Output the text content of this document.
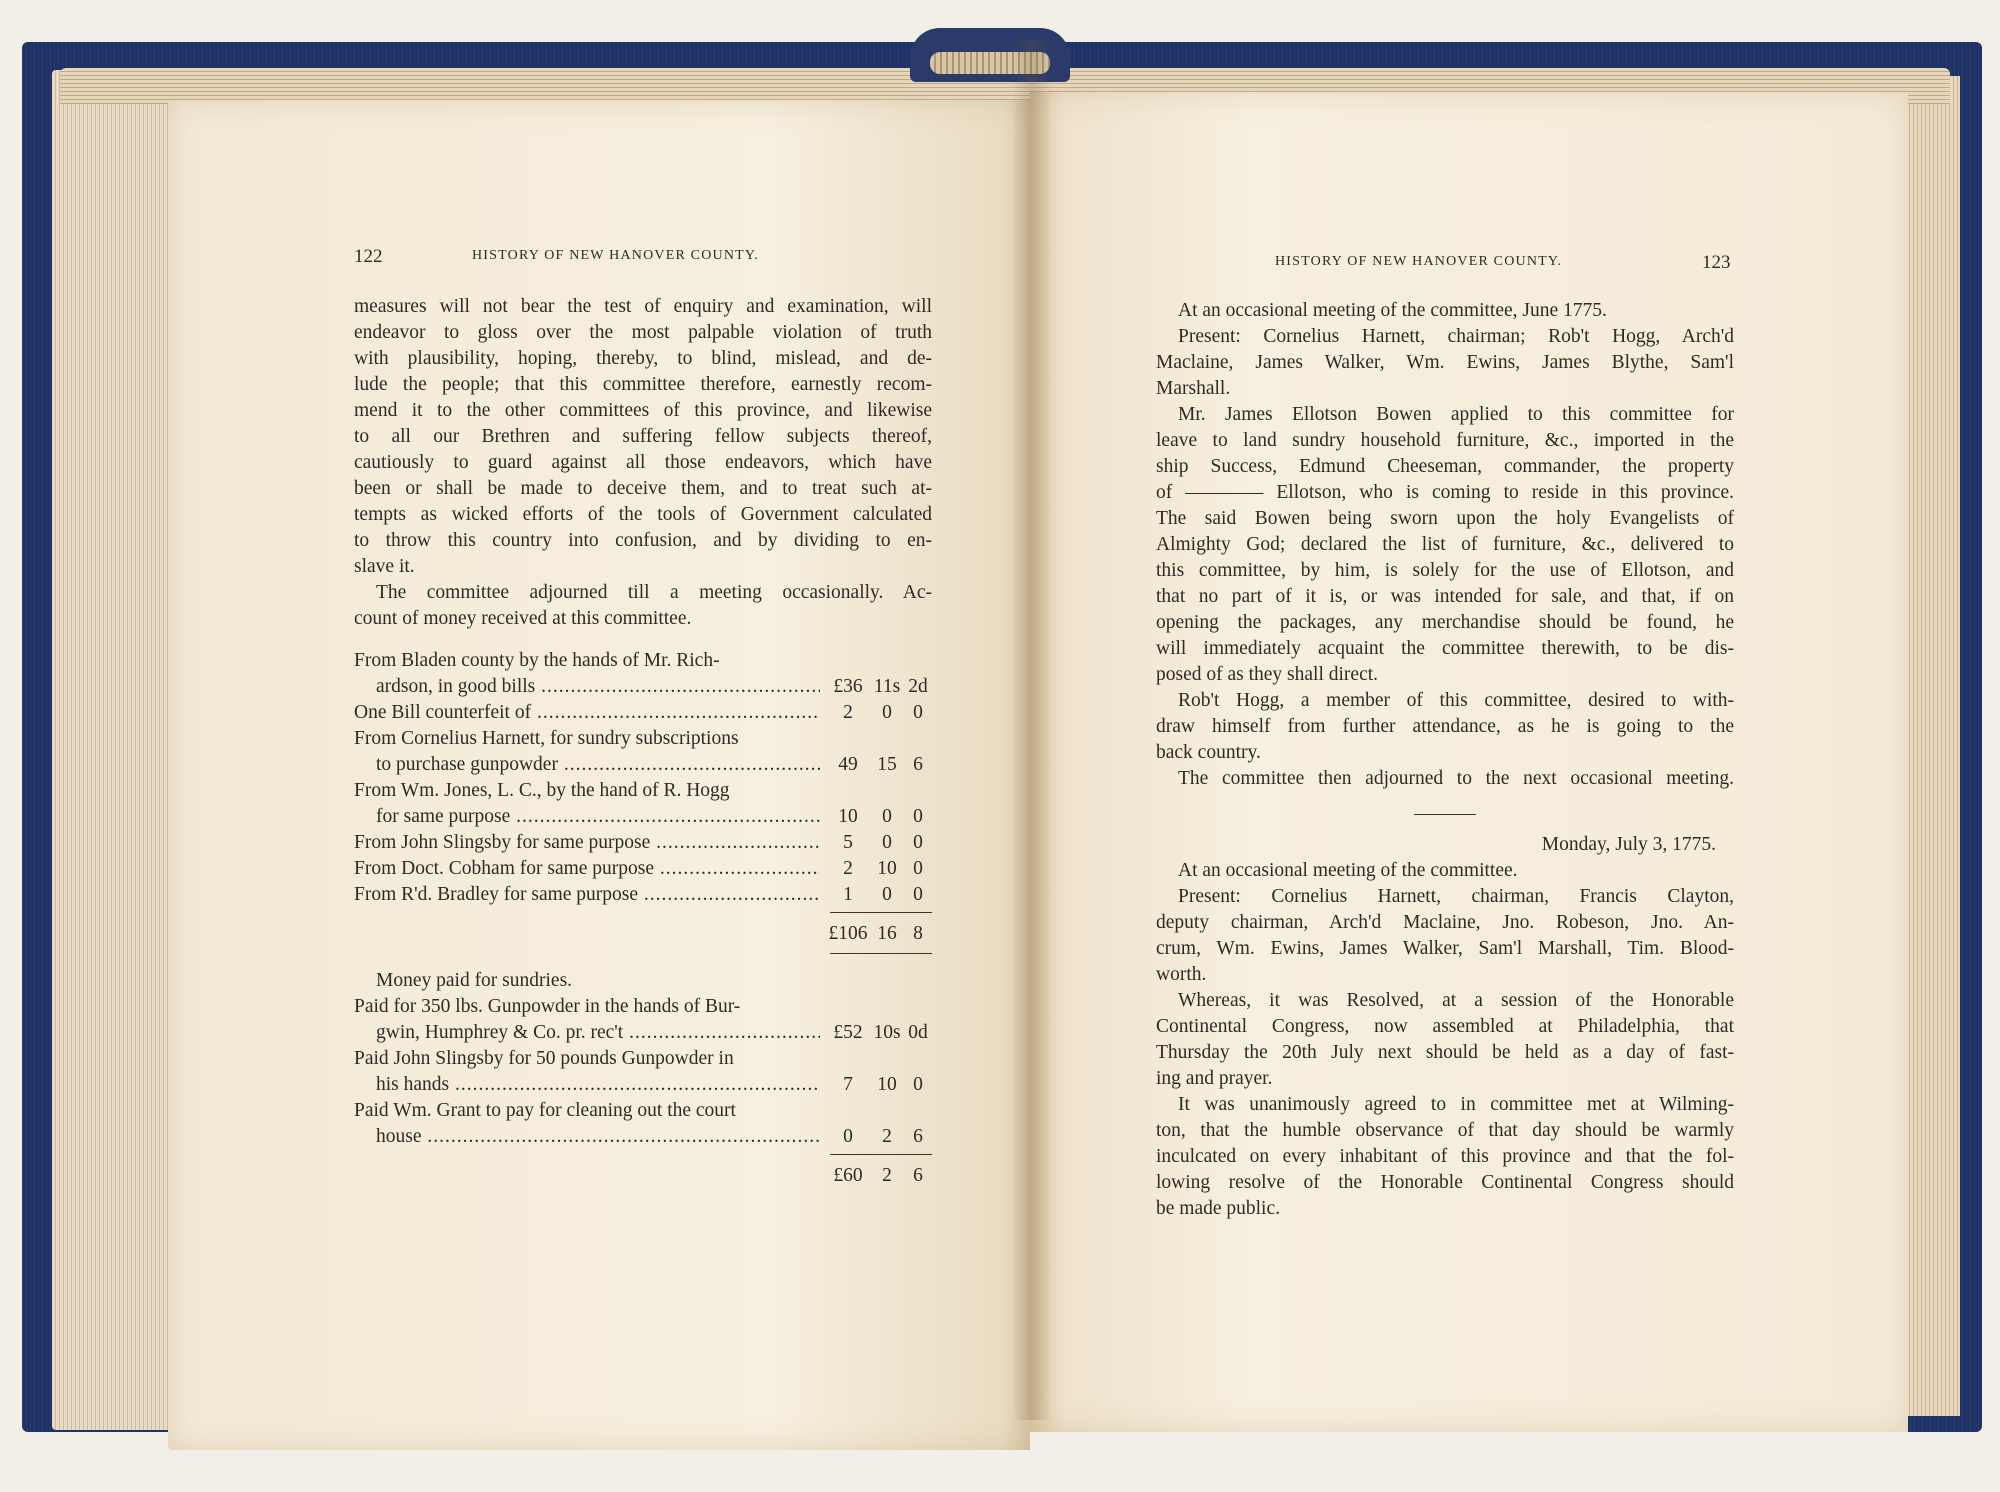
122	HISTORY OF NEW HANOVER COUNTY.
measures will not bear the test of enquiry and examination, will
endeavor to gloss over the most palpable violation of truth
with plausibility, hoping, thereby, to blind, mislead, and de-
lude the people; that this committee therefore, earnestly recom-
mend it to the other committees of this province, and likewise
to all our Brethren and suffering fellow subjects thereof,
cautiously to guard against all those endeavors, which have
been or shall be made to deceive them, and to treat such at-
tempts as wicked efforts of the tools of Government calculated
to throw this country into confusion, and by dividing to en-
slave it.
The committee adjourned till a meeting occasionally. Ac-
count of money received at this committee.
From Bladen county by the hands of Mr. Rich-
ardson, in good bills .....	£36 11s 2d
One Bill counterfeit of .....	2	0	0
From Cornelius Harnett, for sundry subscriptions
to purchase gunpowder .....	49	15 6
From Wm. Jones, L. C., by the hand of R. Hogg
for same purpose .....	10	0	0
From John Slingsby for same purpose .....	5	0	0
From Doct. Cobham for same purpose .....	2	10 0
From R'd. Bradley for same purpose .....	1	0	0
£106 16 8
Money paid for sundries.
Paid for 350 lbs. Gunpowder in the hands of Bur-
gwin, Humphrey & Co. pr. rec't .....	£52 10s 0d
Paid John Slingsby for 50 pounds Gunpowder in
his hands .....	7	10 0
Paid Wm. Grant to pay for cleaning out the court
house .....	0	2	6
£60	2	6
HISTORY OF NEW HANOVER COUNTY.	123
At an occasional meeting of the committee, June 1775.
Present: Cornelius Harnett, chairman; Rob't Hogg, Arch'd
Maclaine, James Walker, Wm. Ewins, James Blythe, Sam'l
Marshall.
Mr. James Ellotson Bowen applied to this committee for
leave to land sundry household furniture, &c., imported in the
ship Success, Edmund Cheeseman, commander, the property
of ———— Ellotson, who is coming to reside in this province.
The said Bowen being sworn upon the holy Evangelists of
Almighty God; declared the list of furniture, &c., delivered to
this committee, by him, is solely for the use of Ellotson, and
that no part of it is, or was intended for sale, and that, if on
opening the packages, any merchandise should be found, he
will immediately acquaint the committee therewith, to be dis-
posed of as they shall direct.
Rob't Hogg, a member of this committee, desired to with-
draw himself from further attendance, as he is going to the
back country.
The committee then adjourned to the next occasional meeting.
Monday, July 3, 1775.
At an occasional meeting of the committee.
Present: Cornelius Harnett, chairman, Francis Clayton,
deputy chairman, Arch'd Maclaine, Jno. Robeson, Jno. An-
crum, Wm. Ewins, James Walker, Sam'l Marshall, Tim. Blood-
worth.
Whereas, it was Resolved, at a session of the Honorable
Continental Congress, now assembled at Philadelphia, that
Thursday the 20th July next should be held as a day of fast-
ing and prayer.
It was unanimously agreed to in committee met at Wilming-
ton, that the humble observance of that day should be warmly
inculcated on every inhabitant of this province and that the fol-
lowing resolve of the Honorable Continental Congress should
be made public.
